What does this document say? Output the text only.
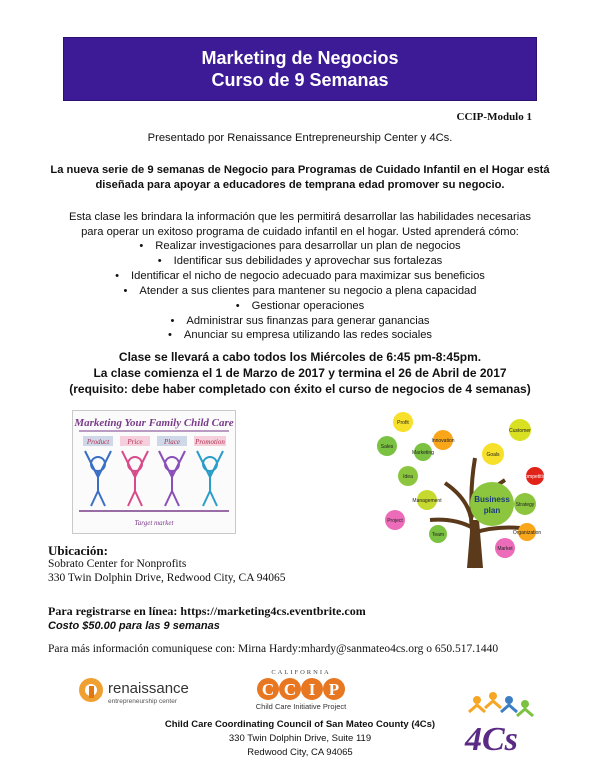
Marketing de Negocios
Curso de 9 Semanas
CCIP-Modulo 1
Presentado por Renaissance Entrepreneurship Center y 4Cs.
La nueva serie de 9 semanas de Negocio para Programas de Cuidado Infantil en el Hogar está
diseñada para apoyar a educadores de temprana edad promover su negocio.
Esta clase les brindara la información que les permitirá desarrollar las habilidades necesarias
para operar un exitoso programa de cuidado infantil en el hogar. Usted aprenderá cómo:
• Realizar investigaciones para desarrollar un plan de negocios
• Identificar sus debilidades y aprovechar sus fortalezas
• Identificar el nicho de negocio adecuado para maximizar sus beneficios
• Atender a sus clientes para mantener su negocio a plena capacidad
• Gestionar operaciones
• Administrar sus finanzas para generar ganancias
• Anunciar su empresa utilizando las redes sociales
Clase se llevará a cabo todos los Miércoles de 6:45 pm-8:45pm.
La clase comienza el 1 de Marzo de 2017 y termina el 26 de Abril de 2017
(requisito: debe haber completado con éxito el curso de negocios de 4 semanas)
Marketing Your Family Child Care
Product	Price	Place Promotion
Target market
Profit
Sales
Innovation
Customer
Goals
Idea
Marketing
Strategy
Project
Management
Competition
Team
Market
Organization
Business
plan
Ubicación:
Sobrato Center for Nonprofits
330 Twin Dolphin Drive, Redwood City, CA 94065
Para registrarse en línea: https://marketing4cs.eventbrite.com
Costo $50.00 para las 9 semanas
Para más información comuniquese con: Mirna Hardy:mhardy@sanmateo4cs.org o 650.517.1440
renaissance
entrepreneurship center
CALIFORNIA
C C I P
Child Care Initiative Project
4Cs
Child Care Coordinating Council of San Mateo County (4Cs)
330 Twin Dolphin Drive, Suite 119
Redwood City, CA 94065
